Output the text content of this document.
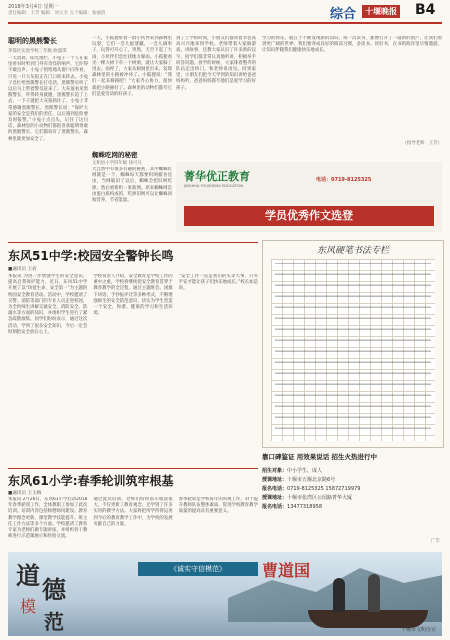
2018年3月4日 星期一
责任编辑：王芳 编辑：刘立杰 五十编辑：张丽清	综合	十堰晚报 B4
聪明的黑熊警长
茅箭区实验学校三年级 欧淑琪
一天清晨，阳光灿烂，小兔子一个人在家里看书时听到门外有奇怪的响声，它吓得不敢出声。小兔子悄悄地从窗户向外看，只见一只大灰狼正在门口转来转去。小兔子急忙给黑熊警长打电话，黑熊警长听了以后马上带着警员赶来了。大灰狼看见黑熊警长，吓得转身就跑，黑熊警长追了上去，一下子就把大灰狼抓住了。小兔子非常感谢黑熊警长。黑熊警长说：“保护大家的安全是我们的责任，以后遇到危险要及时报警。”小兔子点点头，记住了这句话。森林里的小动物们都很喜欢聪明勇敢的黑熊警长，它们都说有了黑熊警长，森林里就更加安全了。
一天，小狐狸带着一群小伙伴来到森林里玩耍，它们一会儿捉迷藏，一会儿摘果子，玩得可开心了。突然，天空下起了大雨，小伙伴们急忙找地方躲雨。小狐狸看见一棵大树下有一个树洞，就让大家躲了进去。雨停了，大家从树洞里出来，发现森林里的小路被冲坏了。小狐狸说：“我们一起来修路吧！”大家齐心协力，很快就把小路修好了。森林里的动物们都夸它们是爱劳动的好孩子。
蜘蛛吃网的秘密
太和县小学四年级 徐可凡
大自然中有很多有趣的秘密，其中蜘蛛吃网就是一个。蜘蛛每天都要织网捕食昆虫，当网破旧了以后，蜘蛛会把旧网吃掉，然后重新织一张新网。原来蜘蛛网是由蛋白质构成的，吃掉旧网可以让蜘蛛回收营养，节省能量。
到了上学的时间，小朋友们都背着书包高高兴兴地来到学校。老师带着大家做游戏、讲故事，还教大家认识了许多新的汉字。同学们都非常认真地听讲，积极举手回答问题。放学的时候，大家排着整齐的队伍走出校门，和老师说再见。回到家里，小朋友们把今天学到的知识讲给爸爸妈妈听，爸爸妈妈都夸他们是爱学习的好孩子。
学习的快乐，就在于不断发现新的知识。每一次读书，都像打开了一扇新的窗户，让我们看到更广阔的世界。我们要养成良好的阅读习惯，多读书、读好书，在书的海洋里尽情遨游，让知识伴随我们健康快乐地成长。
（指导老师：王芳）
菁华优正教育
JINGHUA YOUZHENG EDUCATION
电话：0719-8125325
学员优秀作文选登
东风51中学:校园安全警钟长鸣
■通讯员 王岩
本报讯 为进一步增强学生的安全意识，提高自我保护能力，近日，东风51中学开展了以“珍爱生命，安全第一”为主题的校园安全教育活动。活动中，学校邀请了交警、消防等部门的专业人员走进校园，为全校师生讲解交通安全、消防安全、防溺水等方面的知识，并组织学生进行了紧急疏散演练。同学们纷纷表示，通过这次活动，学到了很多安全知识，今后一定会时刻把安全放在心上。
学校负责人介绍，安全教育是学校工作的重中之重，学校将继续把安全教育贯穿于教育教学的全过程，通过主题班会、国旗下讲话、手抄报评比等多种形式，不断增强师生的安全防范意识，切实为学生营造一个安全、和谐、健康的学习和生活环境。
“安全工作一直是我们的头等大事，只有平安才能让孩子们快乐地成长。”校长如是说。
东风硬笔书法专栏
东风61小学:春季轮训筑牢根基
■通讯员 王玉梅
本报讯 2月26日，东风61小学启动2018年春季轮训工作，全体教职工参加了此次培训。培训内容包括师德师风建设、教育教学理念更新、课堂教学技能提升、班主任工作方法等多个方面。学校邀请了教育专家为老师们做专题讲座，并组织骨干教师进行示范课展示和经验交流。
通过此次培训，老师们纷纷表示收获很大，不仅更新了教育观念，还学到了许多实用的教学方法。大家将把所学所得运用到今后的教育教学工作中，为学校的发展贡献自己的力量。
春季轮训是学校每年的常规工作，对于提升教师队伍整体素质、促进学校教育教学质量的提高具有重要意义。
靠口碑鉴证 用效果说话 招生火热进行中
招生对象：中小学生、成人
授课地址：十堰市五堰北京路6号
报名电话：0719-8125325 15872719979
授课地址：十堰市张湾区公园路菁华大厦
报名电话：13477318958
广告
道 德
模
范
《诚实守信模范》	曹道国
十堰市文明办宣
